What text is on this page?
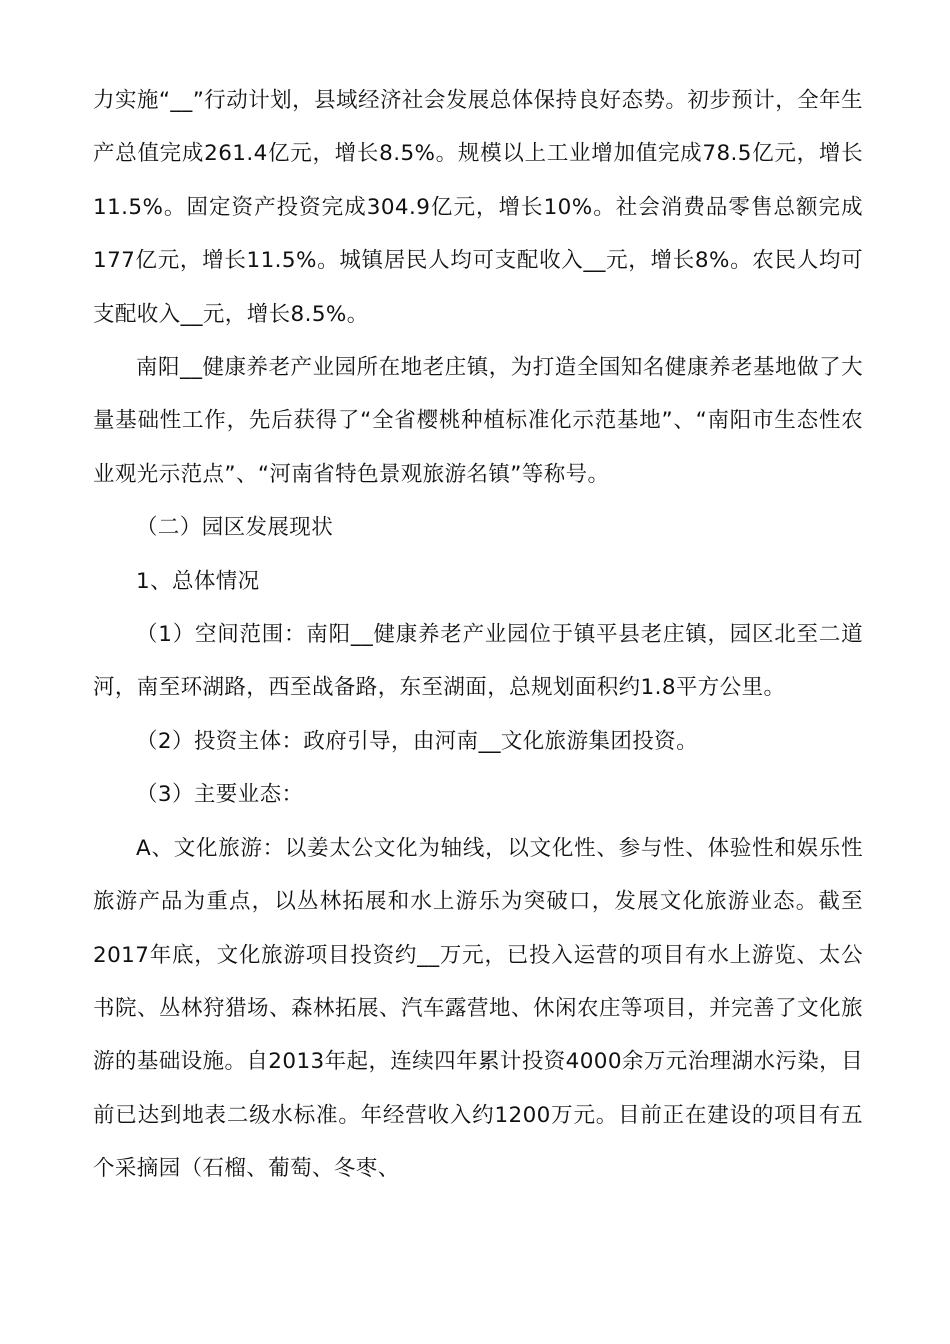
力实施“__”行动计划，县域经济社会发展总体保持良好态势。初步预计，全年生产总值完成261.4亿元，增长8.5%。规模以上工业增加值完成78.5亿元，增长11.5%。固定资产投资完成304.9亿元，增长10%。社会消费品零售总额完成177亿元，增长11.5%。城镇居民人均可支配收入__元，增长8%。农民人均可支配收入__元，增长8.5%。

南阳__健康养老产业园所在地老庄镇，为打造全国知名健康养老基地做了大量基础性工作，先后获得了“全省樱桃种植标准化示范基地”、“南阳市生态性农业观光示范点”、“河南省特色景观旅游名镇”等称号。

（二）园区发展现状

1、总体情况

（1）空间范围：南阳__健康养老产业园位于镇平县老庄镇，园区北至二道河，南至环湖路，西至战备路，东至湖面，总规划面积约1.8平方公里。

（2）投资主体：政府引导，由河南__文化旅游集团投资。

（3）主要业态：

A、文化旅游：以姜太公文化为轴线，以文化性、参与性、体验性和娱乐性旅游产品为重点，以丛林拓展和水上游乐为突破口，发展文化旅游业态。截至2017年底，文化旅游项目投资约__万元，已投入运营的项目有水上游览、太公书院、丛林狩猎场、森林拓展、汽车露营地、休闲农庄等项目，并完善了文化旅游的基础设施。自2013年起，连续四年累计投资4000余万元治理湖水污染，目前已达到地表二级水标准。年经营收入约1200万元。目前正在建设的项目有五个采摘园（石榴、葡萄、冬枣、
